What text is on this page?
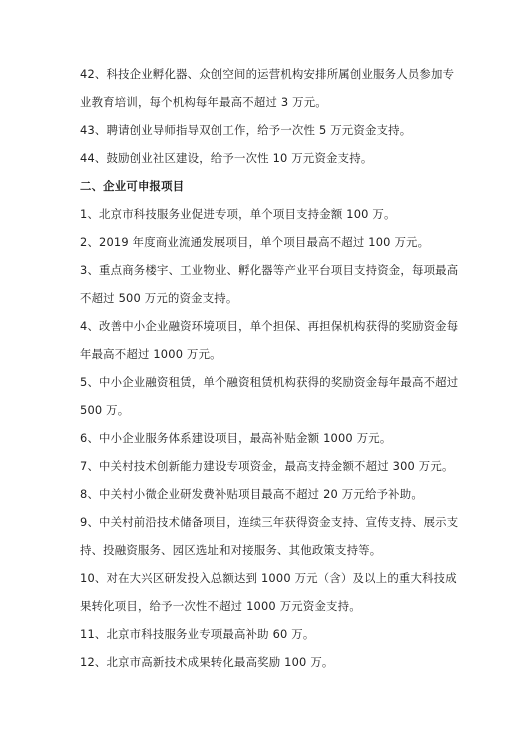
42、科技企业孵化器、众创空间的运营机构安排所属创业服务人员参加专
业教育培训，每个机构每年最高不超过 3 万元。
43、聘请创业导师指导双创工作，给予一次性 5 万元资金支持。
44、鼓励创业社区建设，给予一次性 10 万元资金支持。
二、企业可申报项目
1、北京市科技服务业促进专项，单个项目支持金额 100 万。
2、2019 年度商业流通发展项目，单个项目最高不超过 100 万元。
3、重点商务楼宇、工业物业、孵化器等产业平台项目支持资金，每项最高
不超过 500 万元的资金支持。
4、改善中小企业融资环境项目，单个担保、再担保机构获得的奖励资金每
年最高不超过 1000 万元。
5、中小企业融资租赁，单个融资租赁机构获得的奖励资金每年最高不超过
500 万。
6、中小企业服务体系建设项目，最高补贴金额 1000 万元。
7、中关村技术创新能力建设专项资金，最高支持金额不超过 300 万元。
8、中关村小微企业研发费补贴项目最高不超过 20 万元给予补助。
9、中关村前沿技术储备项目，连续三年获得资金支持、宣传支持、展示支
持、投融资服务、园区选址和对接服务、其他政策支持等。
10、对在大兴区研发投入总额达到 1000 万元（含）及以上的重大科技成
果转化项目，给予一次性不超过 1000 万元资金支持。
11、北京市科技服务业专项最高补助 60 万。
12、北京市高新技术成果转化最高奖励 100 万。
